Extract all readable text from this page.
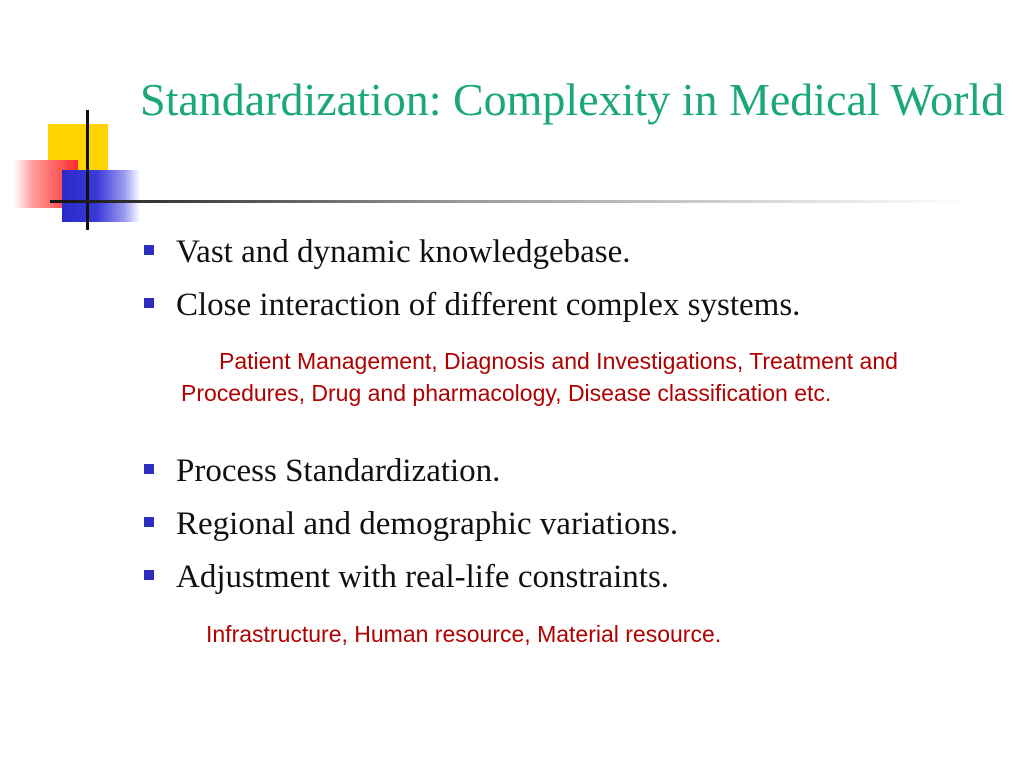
Standardization: Complexity in Medical World
Vast and dynamic knowledgebase.
Close interaction of different complex systems.
Process Standardization.
Regional and demographic variations.
Adjustment with real-life constraints.
Patient Management, Diagnosis and Investigations, Treatment and Procedures, Drug and pharmacology, Disease classification etc.
Infrastructure, Human resource, Material resource.
